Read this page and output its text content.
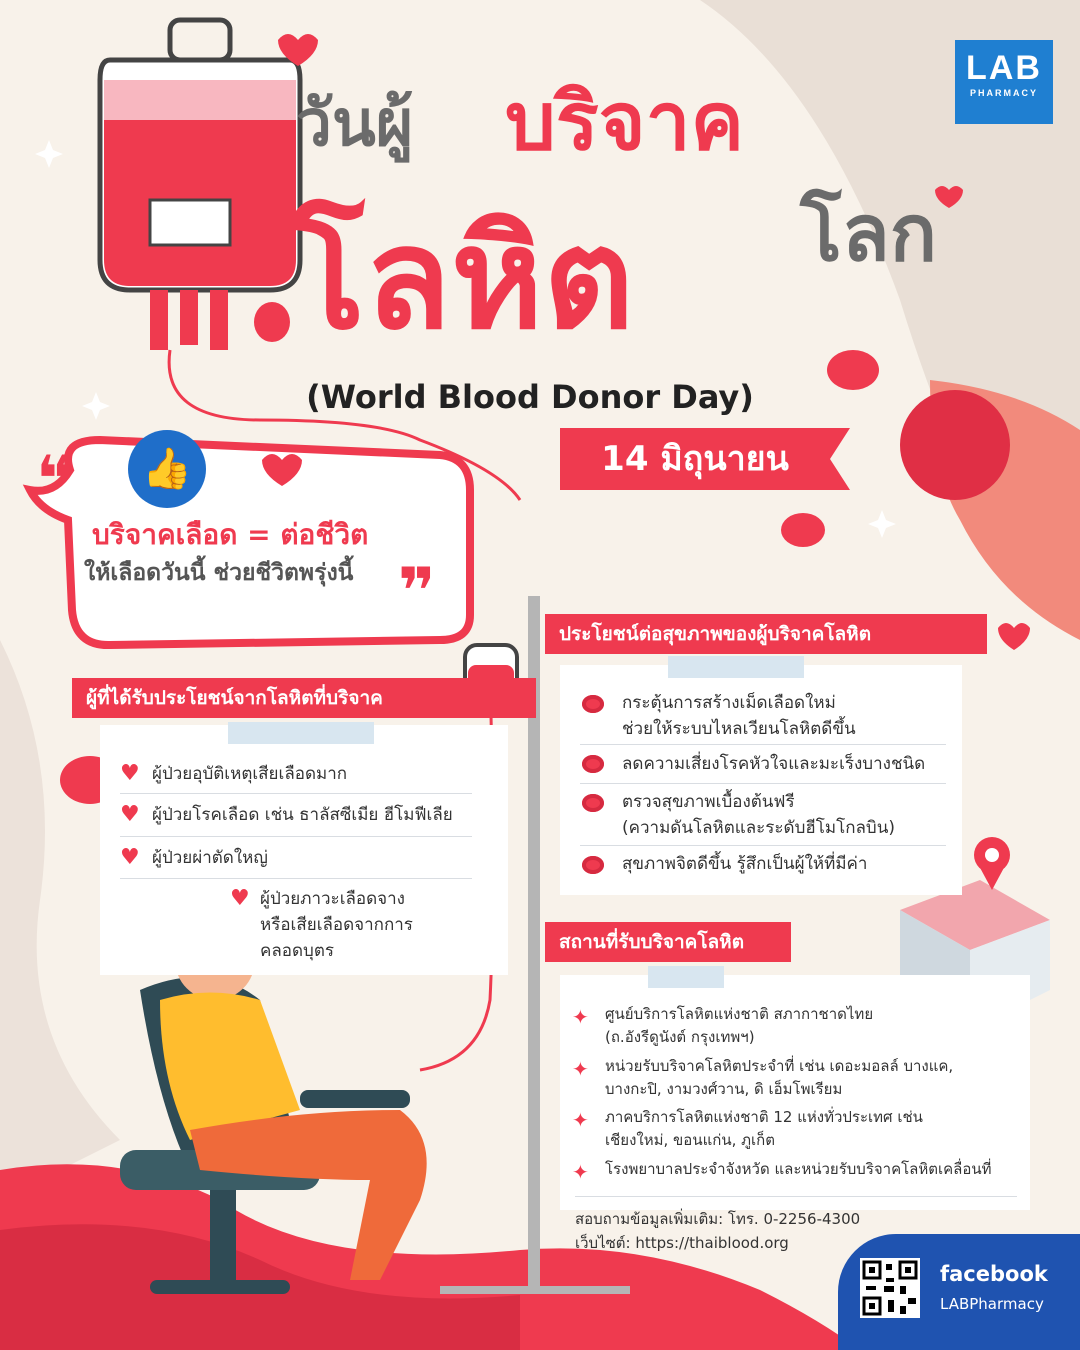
LAB
PHARMACY
วันผู้ บริจาค
โลก
โลหิต
(World Blood Donor Day)
14 มิถุนายน
👍
❝
❞
บริจาคเลือด = ต่อชีวิต
ให้เลือดวันนี้ ช่วยชีวิตพรุ่งนี้
ผู้ที่ได้รับประโยชน์จากโลหิตที่บริจาค
♥ ผู้ป่วยอุบัติเหตุเสียเลือดมาก
♥ ผู้ป่วยโรคเลือด เช่น ธาลัสซีเมีย ฮีโมฟีเลีย
♥ ผู้ป่วยผ่าตัดใหญ่
♥ ผู้ป่วยภาวะเลือดจาง
หรือเสียเลือดจากการ
คลอดบุตร
ประโยชน์ต่อสุขภาพของผู้บริจาคโลหิต
กระตุ้นการสร้างเม็ดเลือดใหม่
ช่วยให้ระบบไหลเวียนโลหิตดีขึ้น
ลดความเสี่ยงโรคหัวใจและมะเร็งบางชนิด
ตรวจสุขภาพเบื้องต้นฟรี
(ความดันโลหิตและระดับฮีโมโกลบิน)
สุขภาพจิตดีขึ้น รู้สึกเป็นผู้ให้ที่มีค่า
สถานที่รับบริจาคโลหิต
✦ ศูนย์บริการโลหิตแห่งชาติ สภากาชาดไทย
(ถ.อังรีดูนังต์ กรุงเทพฯ)
✦ หน่วยรับบริจาคโลหิตประจำที่ เช่น เดอะมอลล์ บางแค,
บางกะปิ, งามวงศ์วาน, ดิ เอ็มโพเรียม
✦ ภาคบริการโลหิตแห่งชาติ 12 แห่งทั่วประเทศ เช่น
เชียงใหม่, ขอนแก่น, ภูเก็ต
✦ โรงพยาบาลประจำจังหวัด และหน่วยรับบริจาคโลหิตเคลื่อนที่
สอบถามข้อมูลเพิ่มเติม: โทร. 0-2256-4300
เว็บไซต์: https://thaiblood.org
facebook
LABPharmacy
